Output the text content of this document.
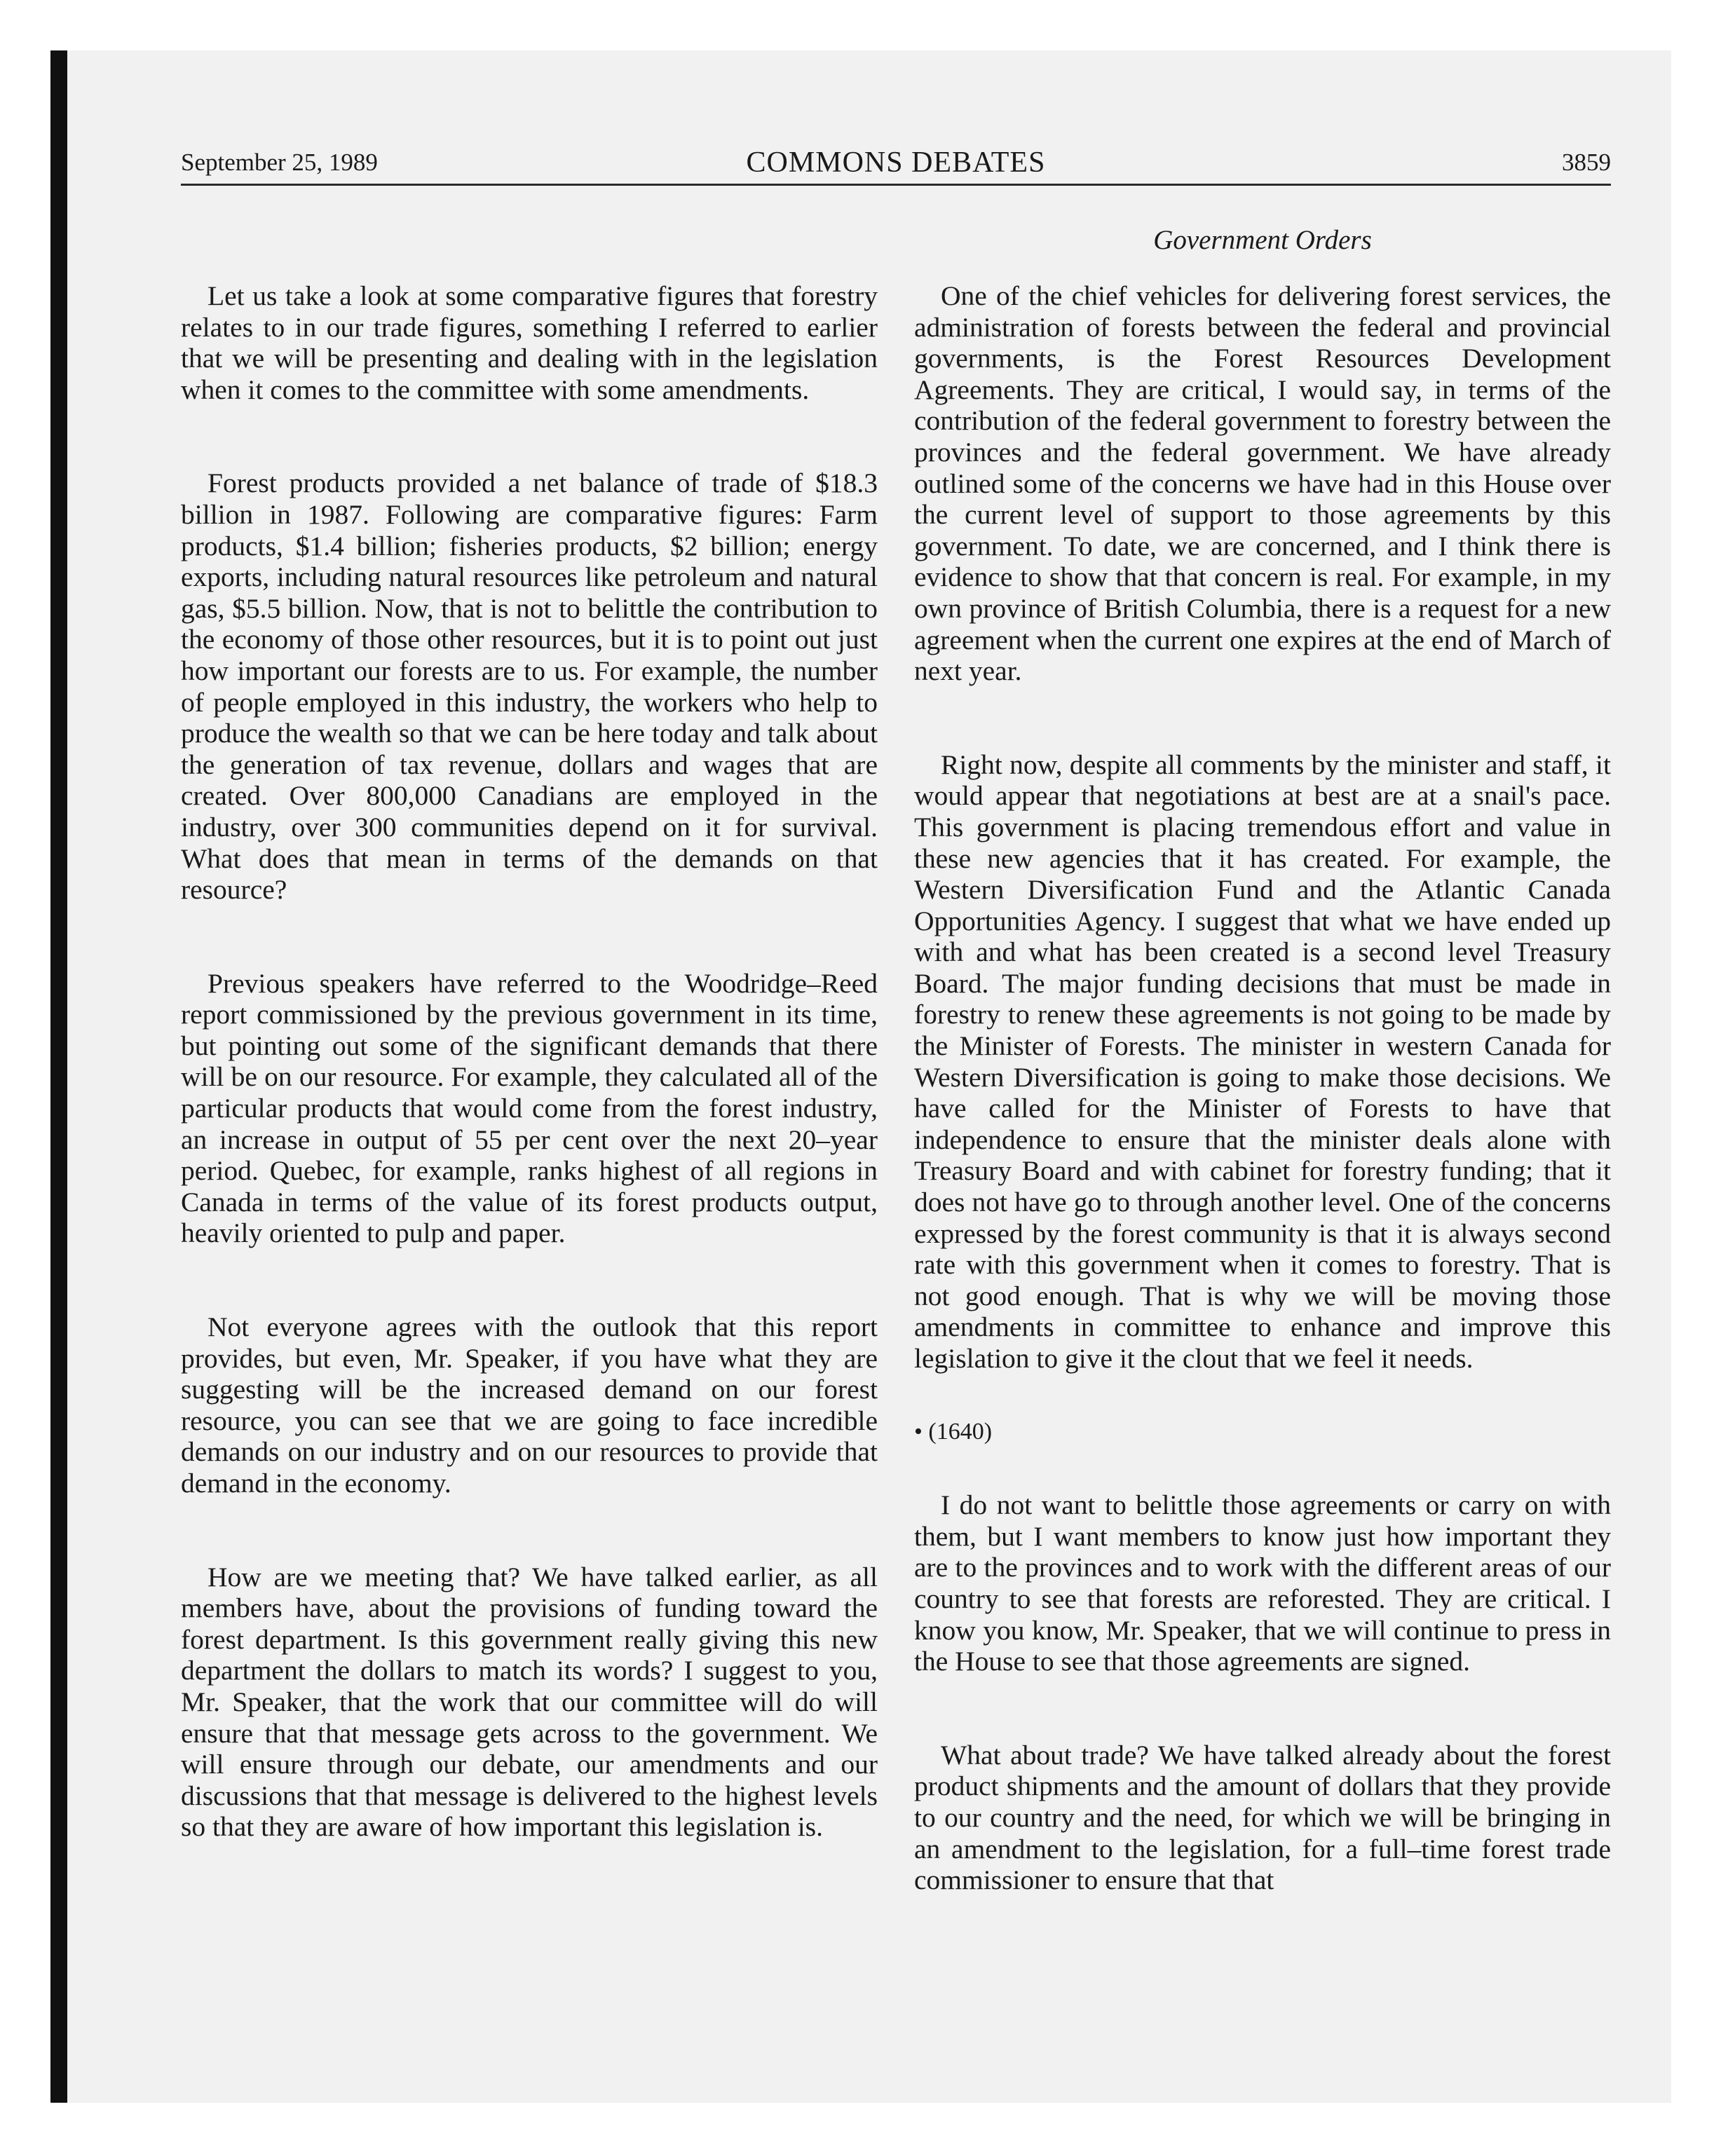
September 25, 1989	COMMONS DEBATES	3859
Government Orders

Let us take a look at some comparative figures that forestry relates to in our trade figures, something I referred to earlier that we will be presenting and dealing with in the legislation when it comes to the committee with some amendments.

Forest products provided a net balance of trade of $18.3 billion in 1987. Following are comparative figures: Farm products, $1.4 billion; fisheries products, $2 billion; energy exports, including natural resources like petroleum and natural gas, $5.5 billion. Now, that is not to belittle the contribution to the economy of those other resources, but it is to point out just how important our forests are to us. For example, the number of people employed in this industry, the workers who help to produce the wealth so that we can be here today and talk about the generation of tax revenue, dollars and wages that are created. Over 800,000 Canadians are employed in the industry, over 300 communities depend on it for survival. What does that mean in terms of the demands on that resource?

Previous speakers have referred to the Woodridge–Reed report commissioned by the previous government in its time, but pointing out some of the significant demands that there will be on our resource. For example, they calculated all of the particular products that would come from the forest industry, an increase in output of 55 per cent over the next 20–year period. Quebec, for example, ranks highest of all regions in Canada in terms of the value of its forest products output, heavily oriented to pulp and paper.

Not everyone agrees with the outlook that this report provides, but even, Mr. Speaker, if you have what they are suggesting will be the increased demand on our forest resource, you can see that we are going to face incredible demands on our industry and on our resources to provide that demand in the economy.

How are we meeting that? We have talked earlier, as all members have, about the provisions of funding toward the forest department. Is this government really giving this new department the dollars to match its words? I suggest to you, Mr. Speaker, that the work that our committee will do will ensure that that message gets across to the government. We will ensure through our debate, our amendments and our discussions that that message is delivered to the highest levels so that they are aware of how important this legislation is.

One of the chief vehicles for delivering forest services, the administration of forests between the federal and provincial governments, is the Forest Resources Development Agreements. They are critical, I would say, in terms of the contribution of the federal government to forestry between the provinces and the federal government. We have already outlined some of the concerns we have had in this House over the current level of support to those agreements by this government. To date, we are concerned, and I think there is evidence to show that that concern is real. For example, in my own province of British Columbia, there is a request for a new agreement when the current one expires at the end of March of next year.

Right now, despite all comments by the minister and staff, it would appear that negotiations at best are at a snail's pace. This government is placing tremendous effort and value in these new agencies that it has created. For example, the Western Diversification Fund and the Atlantic Canada Opportunities Agency. I suggest that what we have ended up with and what has been created is a second level Treasury Board. The major funding decisions that must be made in forestry to renew these agreements is not going to be made by the Minister of Forests. The minister in western Canada for Western Diversification is going to make those decisions. We have called for the Minister of Forests to have that independence to ensure that the minister deals alone with Treasury Board and with cabinet for forestry funding; that it does not have go to through another level. One of the concerns expressed by the forest community is that it is always second rate with this government when it comes to forestry. That is not good enough. That is why we will be moving those amendments in committee to enhance and improve this legislation to give it the clout that we feel it needs.

• (1640)

I do not want to belittle those agreements or carry on with them, but I want members to know just how important they are to the provinces and to work with the different areas of our country to see that forests are reforested. They are critical. I know you know, Mr. Speaker, that we will continue to press in the House to see that those agreements are signed.

What about trade? We have talked already about the forest product shipments and the amount of dollars that they provide to our country and the need, for which we will be bringing in an amendment to the legislation, for a full–time forest trade commissioner to ensure that that
